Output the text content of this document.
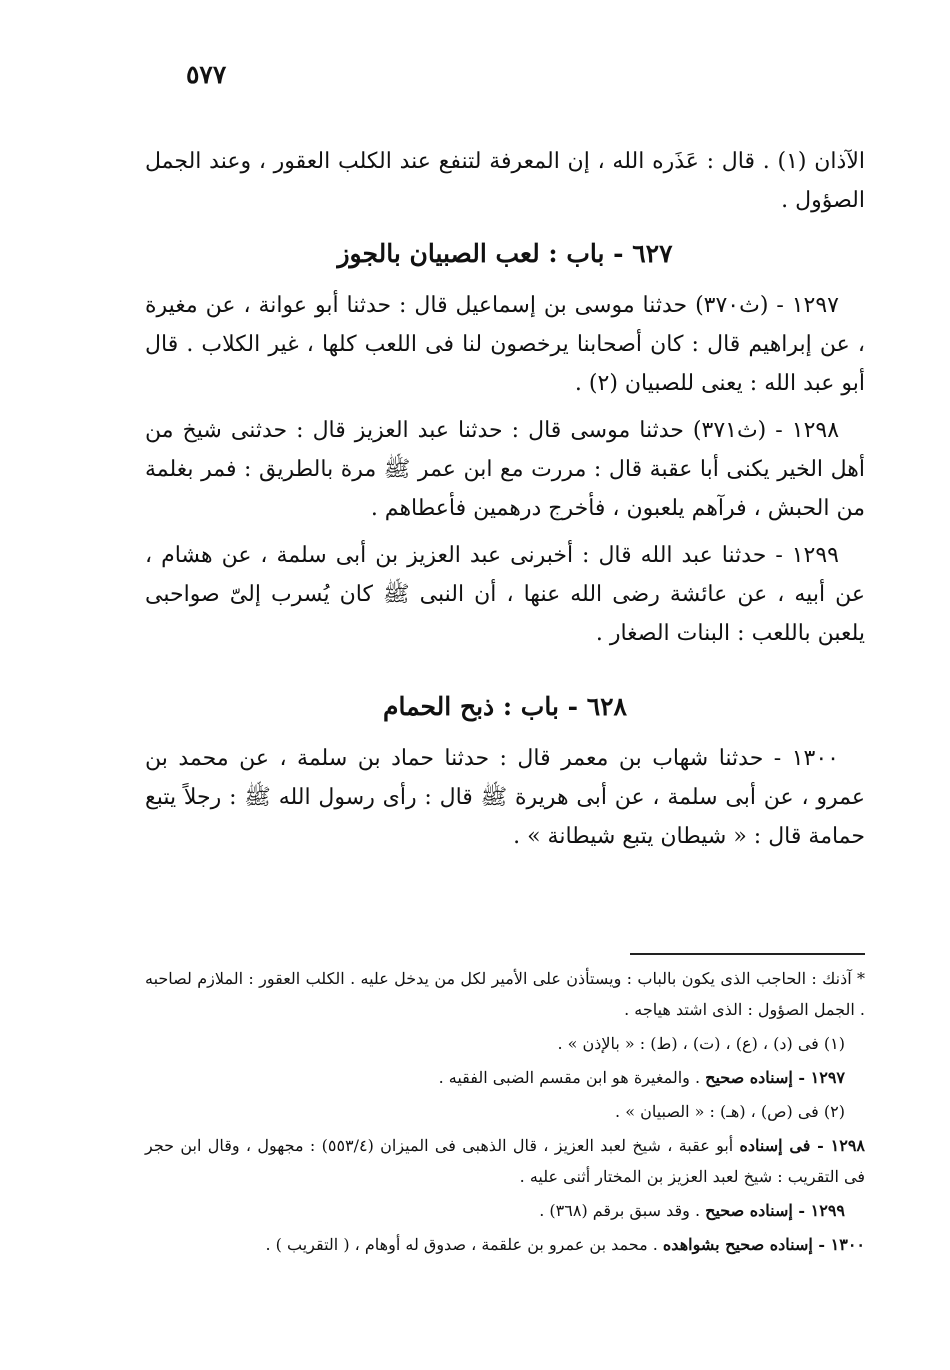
٥٧٧

الآذان (١) . قال : عَذَره الله ، إن المعرفة لتنفع عند الكلب العقور ، وعند الجمل الصؤول .

٦٢٧ - باب : لعب الصبيان بالجوز

١٢٩٧ - (ث٣٧٠) حدثنا موسى بن إسماعيل قال : حدثنا أبو عوانة ، عن مغيرة ، عن إبراهيم قال : كان أصحابنا يرخصون لنا فى اللعب كلها ، غير الكلاب . قال أبو عبد الله : يعنى للصبيان (٢) .

١٢٩٨ - (ث٣٧١) حدثنا موسى قال : حدثنا عبد العزيز قال : حدثنى شيخ من أهل الخير يكنى أبا عقبة قال : مررت مع ابن عمر ﷺ مرة بالطريق : فمر بغلمة من الحبش ، فرآهم يلعبون ، فأخرج درهمين فأعطاهم .

١٢٩٩ - حدثنا عبد الله قال : أخبرنى عبد العزيز بن أبى سلمة ، عن هشام ، عن أبيه ، عن عائشة رضى الله عنها ، أن النبى ﷺ كان يُسرب إلىّ صواحبى يلعبن باللعب : البنات الصغار .

٦٢٨ - باب : ذبح الحمام

١٣٠٠ - حدثنا شهاب بن معمر قال : حدثنا حماد بن سلمة ، عن محمد بن عمرو ، عن أبى سلمة ، عن أبى هريرة ﷺ قال : رأى رسول الله ﷺ : رجلاً يتبع حمامة قال : « شيطان يتبع شيطانة » .

* آذنك : الحاجب الذى يكون بالباب : ويستأذن على الأمير لكل من يدخل عليه . الكلب العقور : الملازم لصاحبه . الجمل الصؤول : الذى اشتد هياجه .

(١) فى (د) ، (ع) ، (ت) ، (ط) : « بالإذن » .

١٢٩٧ - إسناده صحيح . والمغيرة هو ابن مقسم الضبى الفقيه .

(٢) فى (ص) ، (هـ) : « الصبيان » .

١٢٩٨ - فى إسناده أبو عقبة ، شيخ لعبد العزيز ، قال الذهبى فى الميزان (٥٥٣/٤) : مجهول ، وقال ابن حجر فى التقريب : شيخ لعبد العزيز بن المختار أثنى عليه .

١٢٩٩ - إسناده صحيح . وقد سبق برقم (٣٦٨) .

١٣٠٠ - إسناده صحيح بشواهده . محمد بن عمرو بن علقمة ، صدوق له أوهام ، ( التقريب ) .
